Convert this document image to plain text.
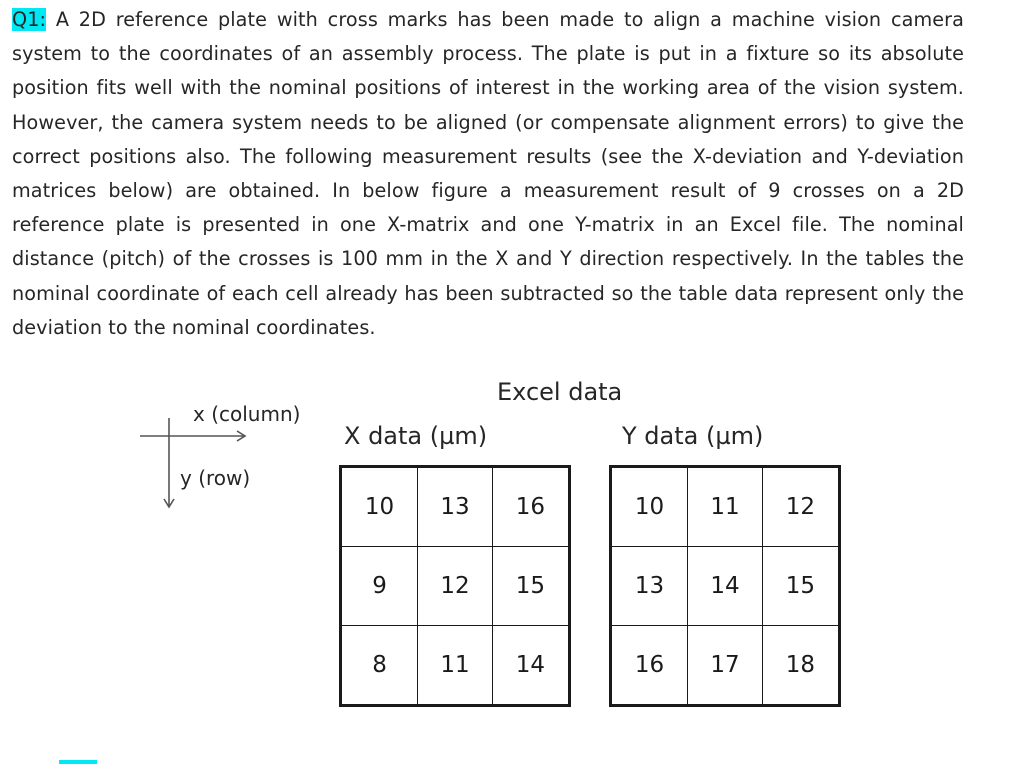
Q1: A 2D reference plate with cross marks has been made to align a machine vision camera system to the coordinates of an assembly process. The plate is put in a fixture so its absolute position fits well with the nominal positions of interest in the working area of the vision system. However, the camera system needs to be aligned (or compensate alignment errors) to give the correct positions also. The following measurement results (see the X-deviation and Y-deviation matrices below) are obtained. In below figure a measurement result of 9 crosses on a 2D reference plate is presented in one X-matrix and one Y-matrix in an Excel file. The nominal distance (pitch) of the crosses is 100 mm in the X and Y direction respectively. In the tables the nominal coordinate of each cell already has been subtracted so the table data represent only the deviation to the nominal coordinates.
Excel data
x (column)
y (row)
X data (µm)	Y data (µm)
10	13	16
9	12	15
8	11	14
10	11	12
13	14	15
16	17	18
